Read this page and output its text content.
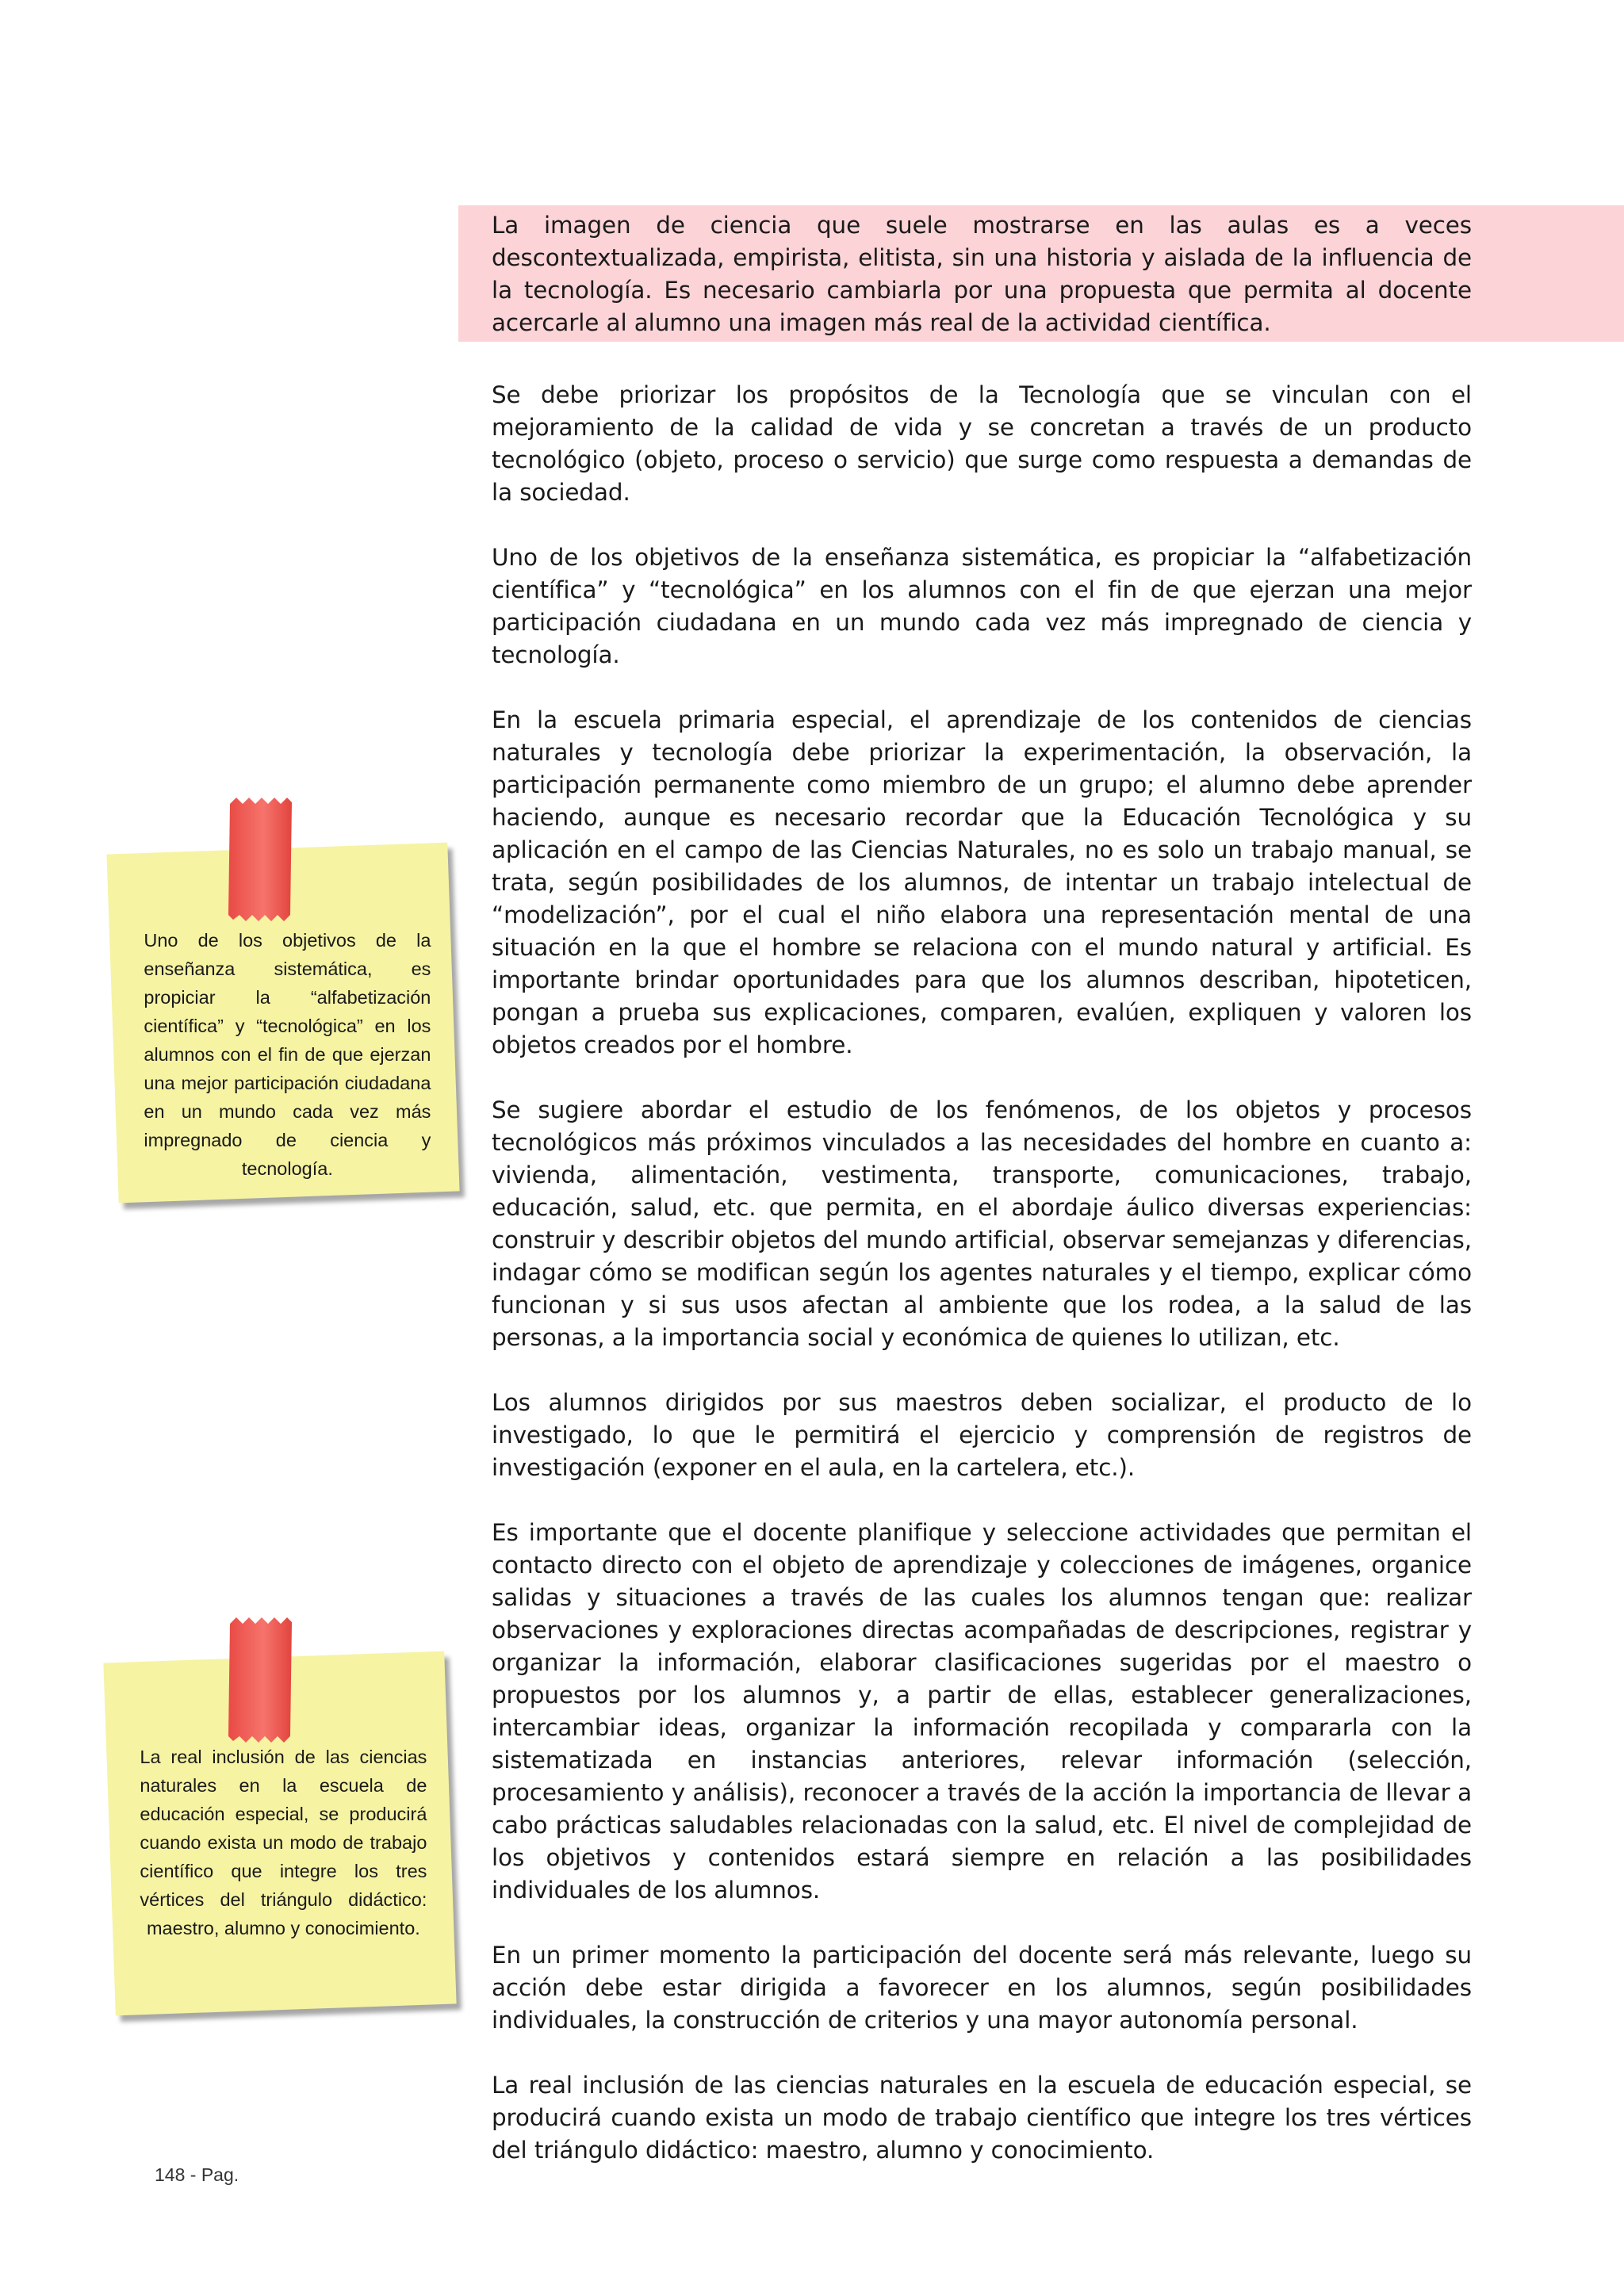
La imagen de ciencia que suele mostrarse en las aulas es a veces descontextualizada, empirista, elitista, sin una historia y aislada de la influencia de la tecnología. Es necesario cambiarla por una propuesta que permita al docente acercarle al alumno una imagen más real de la actividad científica.

Se debe priorizar los propósitos de la Tecnología que se vinculan con el mejoramiento de la calidad de vida y se concretan a través de un producto tecnológico (objeto, proceso o servicio) que surge como respuesta a demandas de la sociedad.

Uno de los objetivos de la enseñanza sistemática, es propiciar la “alfabetización científica” y “tecnológica” en los alumnos con el fin de que ejerzan una mejor participación ciudadana en un mundo cada vez más impregnado de ciencia y tecnología.

En la escuela primaria especial, el aprendizaje de los contenidos de ciencias naturales y tecnología debe priorizar la experimentación, la observación, la participación permanente como miembro de un grupo; el alumno debe aprender haciendo, aunque es necesario recordar que la Educación Tecnológica y su aplicación en el campo de las Ciencias Naturales, no es solo un trabajo manual, se trata, según posibilidades de los alumnos, de intentar un trabajo intelectual de “modelización”, por el cual el niño elabora una representación mental de una situación en la que el hombre se relaciona con el mundo natural y artificial. Es importante brindar oportunidades para que los alumnos describan, hipoteticen, pongan a prueba sus explicaciones, comparen, evalúen, expliquen y valoren los objetos creados por el hombre.

Se sugiere abordar el estudio de los fenómenos, de los objetos y procesos tecnológicos más próximos vinculados a las necesidades del hombre en cuanto a: vivienda, alimentación, vestimenta, transporte, comunicaciones, trabajo, educación, salud, etc. que permita, en el abordaje áulico diversas experiencias: construir y describir objetos del mundo artificial, observar semejanzas y diferencias, indagar cómo se modifican según los agentes naturales y el tiempo, explicar cómo funcionan y si sus usos afectan al ambiente que los rodea, a la salud de las personas, a la importancia social y económica de quienes lo utilizan, etc.

Los alumnos dirigidos por sus maestros deben socializar, el producto de lo investigado, lo que le permitirá el ejercicio y comprensión de registros de investigación (exponer en el aula, en la cartelera, etc.).

Es importante que el docente planifique y seleccione actividades que permitan el contacto directo con el objeto de aprendizaje y colecciones de imágenes, organice salidas y situaciones a través de las cuales los alumnos tengan que: realizar observaciones y exploraciones directas acompañadas de descripciones, registrar y organizar la información, elaborar clasificaciones sugeridas por el maestro o propuestos por los alumnos y, a partir de ellas, establecer generalizaciones, intercambiar ideas, organizar la información recopilada y compararla con la sistematizada en instancias anteriores, relevar información (selección, procesamiento y análisis), reconocer a través de la acción la importancia de llevar a cabo prácticas saludables relacionadas con la salud, etc. El nivel de complejidad de los objetivos y contenidos estará siempre en relación a las posibilidades individuales de los alumnos.

En un primer momento la participación del docente será más relevante, luego su acción debe estar dirigida a favorecer en los alumnos, según posibilidades individuales, la construcción de criterios y una mayor autonomía personal.

La real inclusión de las ciencias naturales en la escuela de educación especial, se producirá cuando exista un modo de trabajo científico que integre los tres vértices del triángulo didáctico: maestro, alumno y conocimiento.

Uno de los objetivos de la enseñanza sistemática, es propiciar la “alfabetización científica” y “tecnológica” en los alumnos con el fin de que ejerzan una mejor participación ciudadana en un mundo cada vez más impregnado de ciencia y tecnología.
La real inclusión de las ciencias naturales en la escuela de educación especial, se producirá cuando exista un modo de trabajo científico que integre los tres vértices del triángulo didáctico: maestro, alumno y conocimiento.
148 - Pag.
